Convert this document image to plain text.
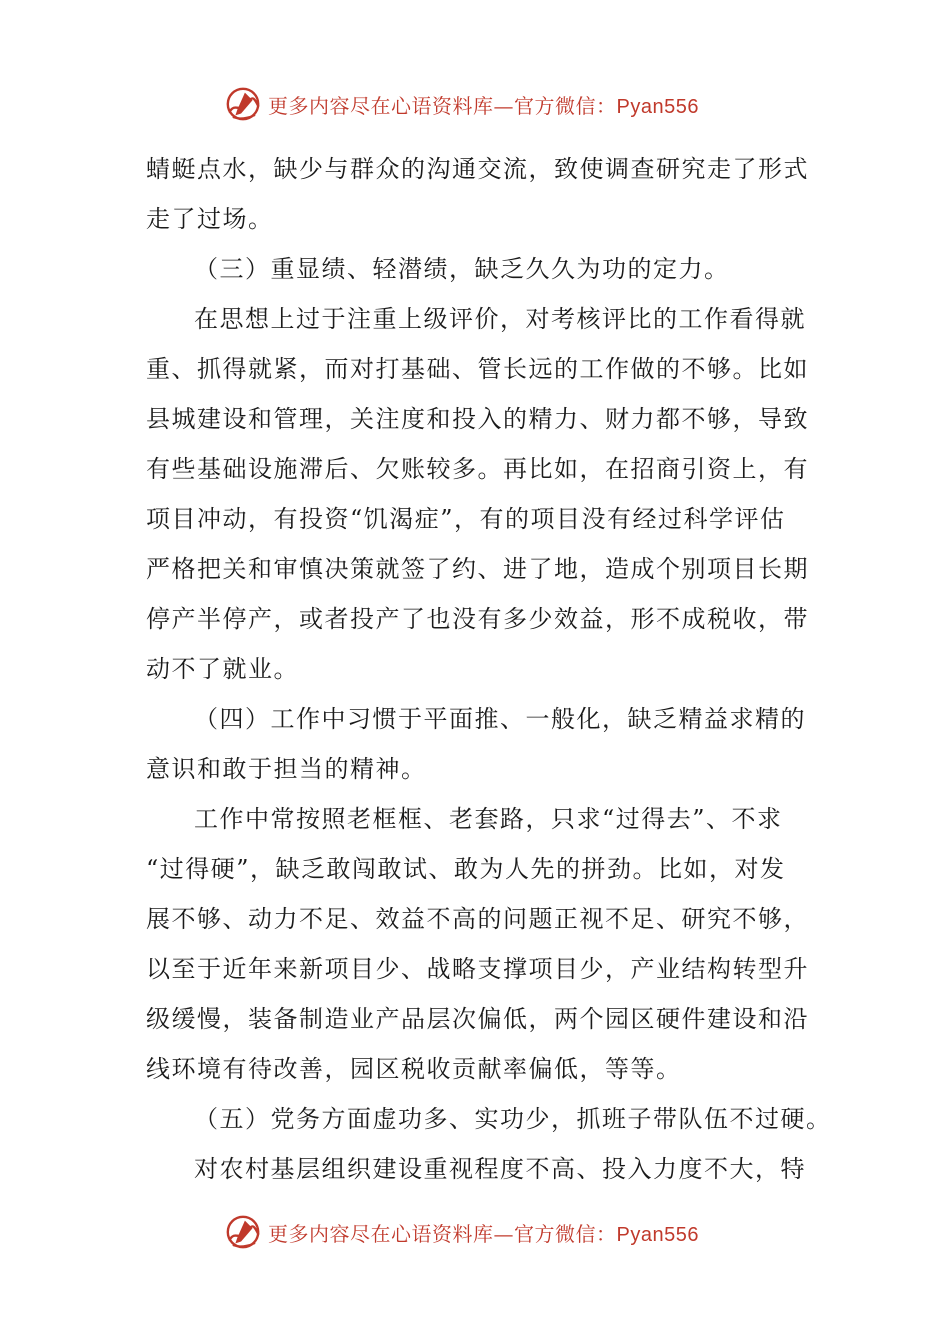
更多内容尽在心语资料库—官方微信：Pyan556
蜻蜓点水，缺少与群众的沟通交流，致使调查研究走了形式
走了过场。
（三）重显绩、轻潜绩，缺乏久久为功的定力。
在思想上过于注重上级评价，对考核评比的工作看得就
重、抓得就紧，而对打基础、管长远的工作做的不够。比如
县城建设和管理，关注度和投入的精力、财力都不够，导致
有些基础设施滞后、欠账较多。再比如，在招商引资上，有
项目冲动，有投资“饥渴症”，有的项目没有经过科学评估
严格把关和审慎决策就签了约、进了地，造成个别项目长期
停产半停产，或者投产了也没有多少效益，形不成税收，带
动不了就业。
（四）工作中习惯于平面推、一般化，缺乏精益求精的
意识和敢于担当的精神。
工作中常按照老框框、老套路，只求“过得去”、不求
“过得硬”，缺乏敢闯敢试、敢为人先的拼劲。比如，对发
展不够、动力不足、效益不高的问题正视不足、研究不够，
以至于近年来新项目少、战略支撑项目少，产业结构转型升
级缓慢，装备制造业产品层次偏低，两个园区硬件建设和沿
线环境有待改善，园区税收贡献率偏低，等等。
（五）党务方面虚功多、实功少，抓班子带队伍不过硬。
对农村基层组织建设重视程度不高、投入力度不大，特
更多内容尽在心语资料库—官方微信：Pyan556
